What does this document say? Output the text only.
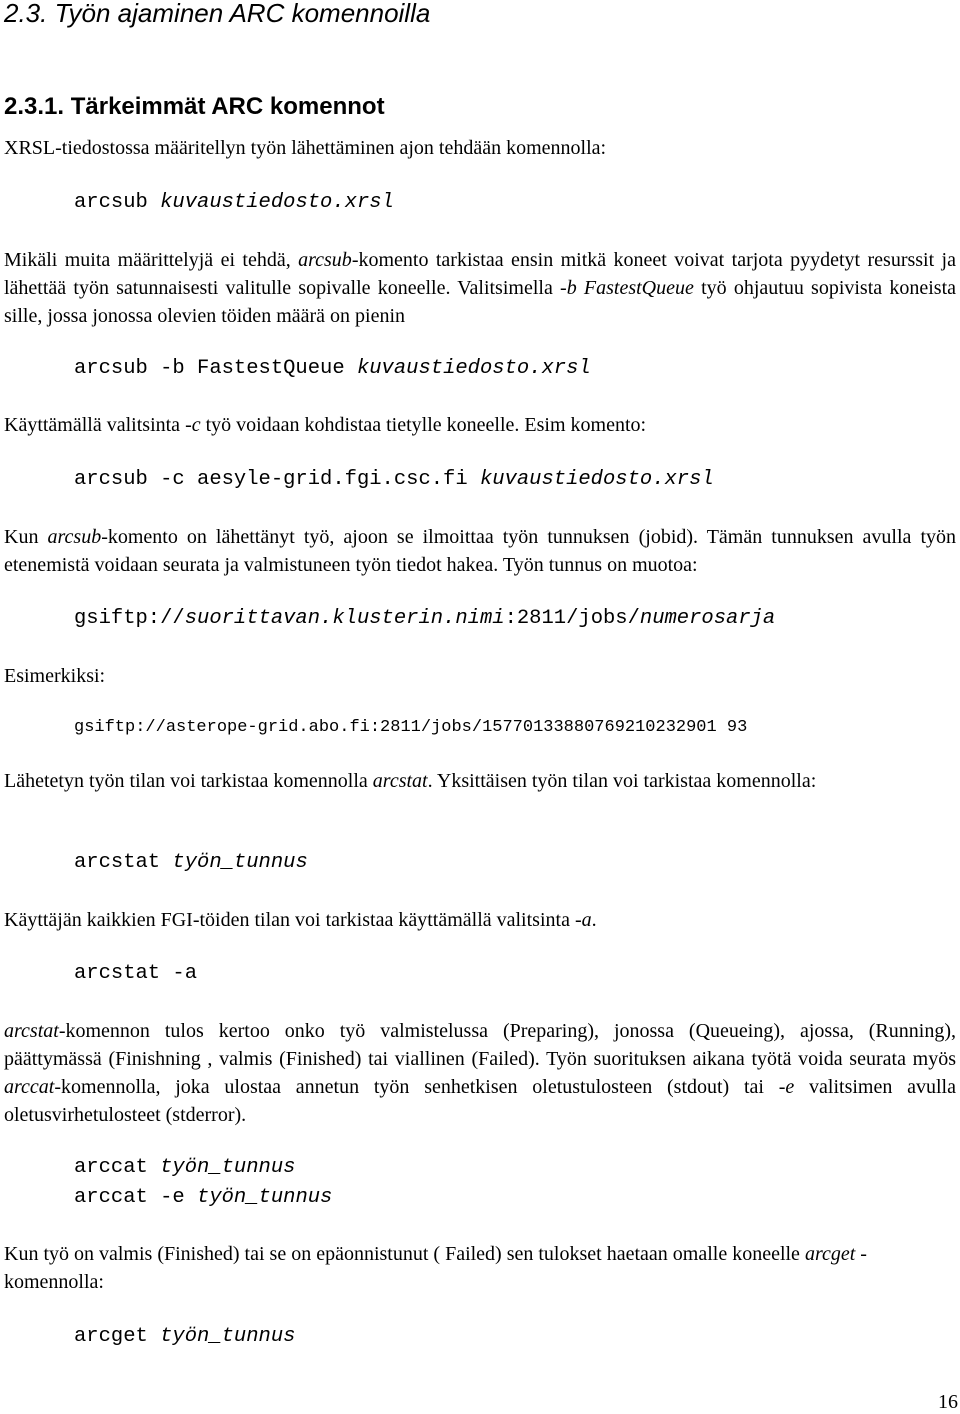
2.3. Työn ajaminen ARC komennoilla
2.3.1. Tärkeimmät ARC komennot
XRSL-tiedostossa määritellyn työn lähettäminen ajon tehdään komennolla:
arcsub kuvaustiedosto.xrsl
Mikäli muita määrittelyjä ei tehdä, arcsub-komento tarkistaa ensin mitkä koneet voivat tarjota pyydetyt resurssit ja lähettää työn satunnaisesti valitulle sopivalle koneelle. Valitsimella -b FastestQueue työ ohjautuu sopivista koneista sille, jossa jonossa olevien töiden määrä on pienin
arcsub -b FastestQueue kuvaustiedosto.xrsl
Käyttämällä valitsinta -c työ voidaan kohdistaa tietylle koneelle. Esim komento:
arcsub -c aesyle-grid.fgi.csc.fi kuvaustiedosto.xrsl
Kun arcsub-komento on lähettänyt työ, ajoon se ilmoittaa työn tunnuksen (jobid). Tämän tunnuksen avulla työn etenemistä voidaan seurata ja valmistuneen työn tiedot hakea. Työn tunnus on muotoa:
gsiftp://suorittavan.klusterin.nimi:2811/jobs/numerosarja
Esimerkiksi:
gsiftp://asterope-grid.abo.fi:2811/jobs/15770133880769210232901 93
Lähetetyn työn tilan voi tarkistaa komennolla arcstat. Yksittäisen työn tilan voi tarkistaa komennolla:
arcstat työn_tunnus
Käyttäjän kaikkien FGI-töiden tilan voi tarkistaa käyttämällä valitsinta -a.
arcstat -a
arcstat-komennon tulos kertoo onko työ valmistelussa (Preparing), jonossa (Queueing), ajossa, (Running), päättymässä (Finishning , valmis (Finished) tai viallinen (Failed). Työn suorituksen aikana työtä voida seurata myös arccat-komennolla, joka ulostaa annetun työn senhetkisen oletustulosteen (stdout) tai -e valitsimen avulla oletusvirhetulosteet (stderror).
arccat työn_tunnus
arccat -e työn_tunnus
Kun työ on valmis (Finished) tai se on epäonnistunut ( Failed) sen tulokset haetaan omalle koneelle arcget -komennolla:
arcget työn_tunnus
16
